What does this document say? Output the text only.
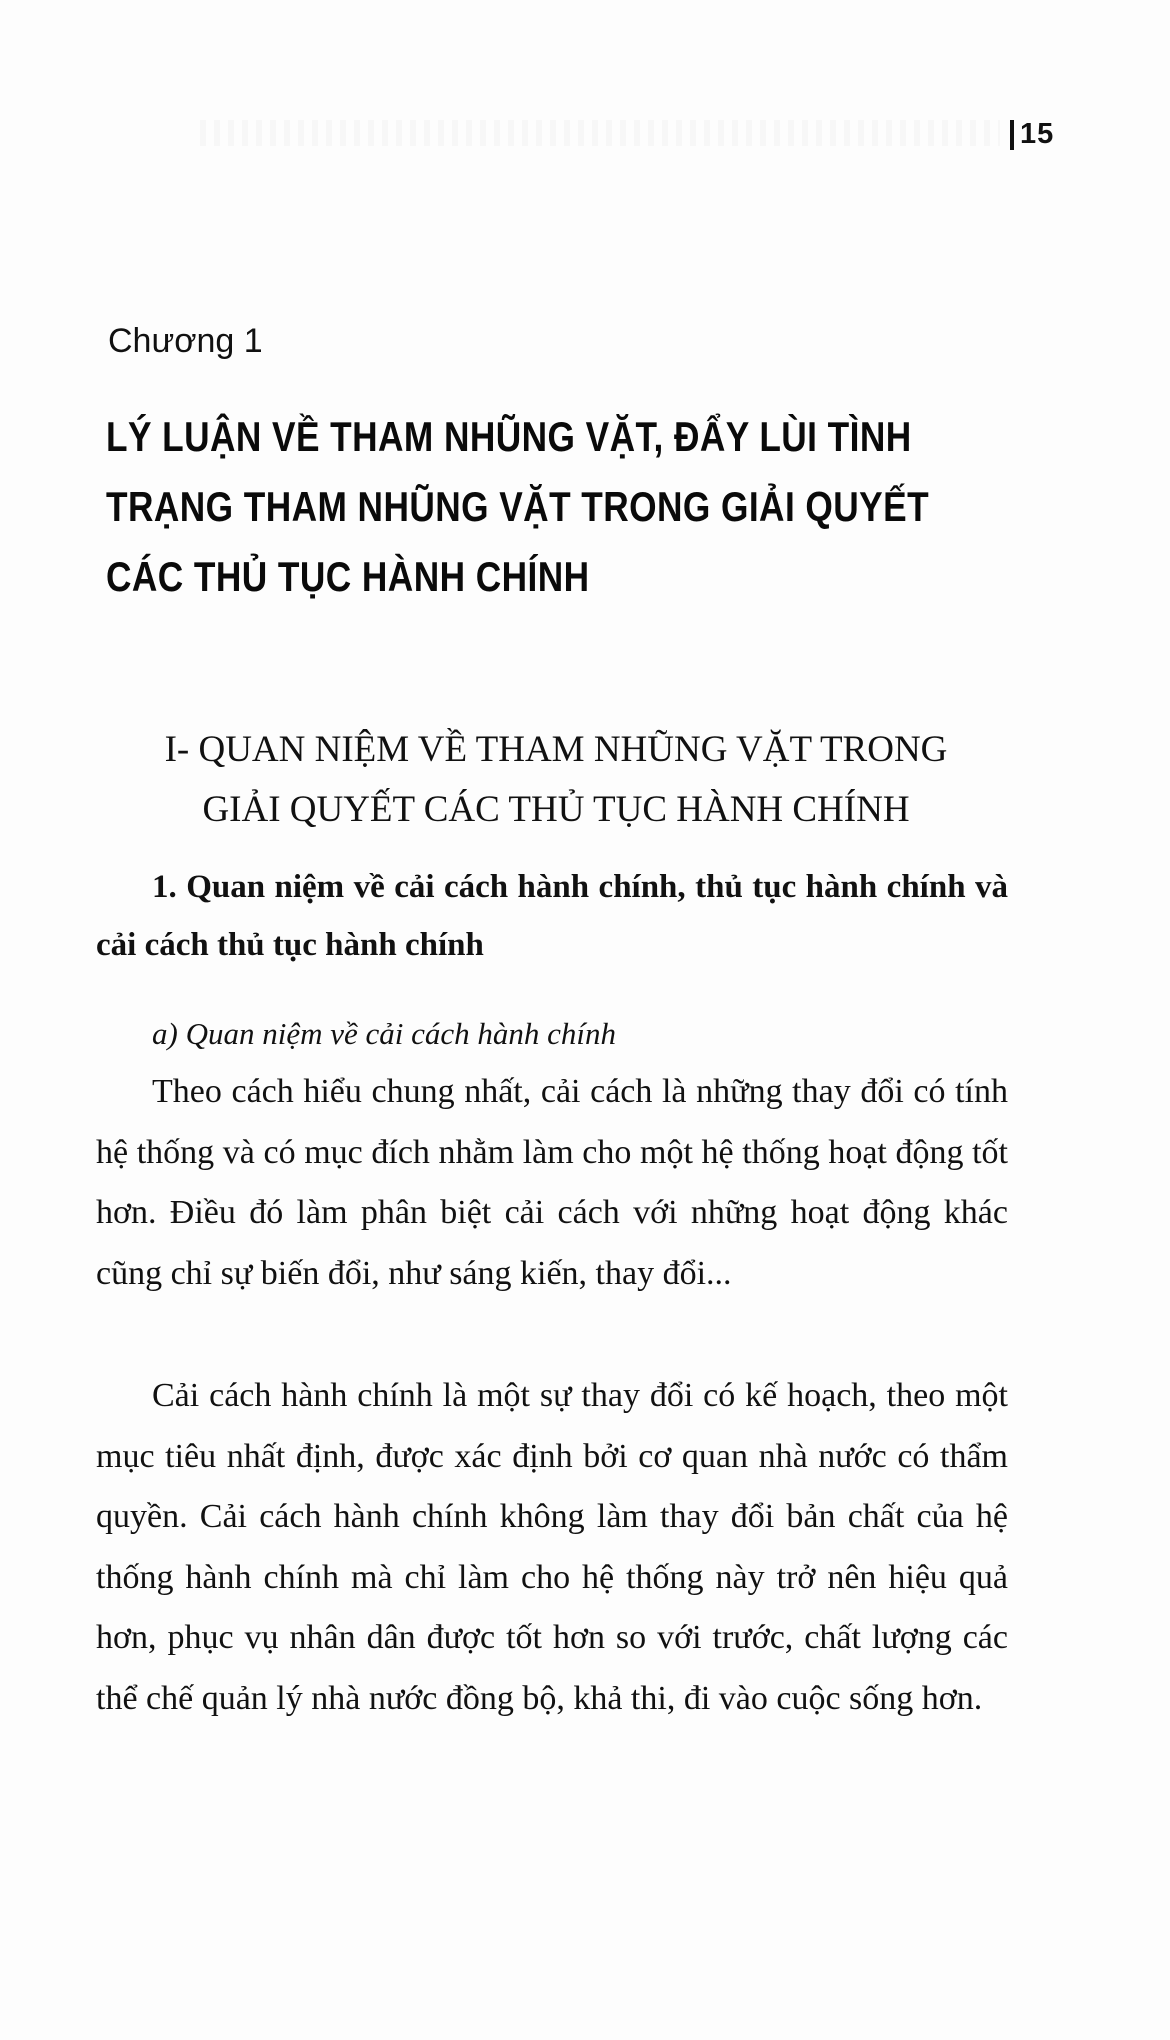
15
Chương 1
LÝ LUẬN VỀ THAM NHŨNG VẶT, ĐẨY LÙI TÌNH
TRẠNG THAM NHŨNG VẶT TRONG GIẢI QUYẾT
CÁC THỦ TỤC HÀNH CHÍNH
I- QUAN NIỆM VỀ THAM NHŨNG VẶT TRONG
GIẢI QUYẾT CÁC THỦ TỤC HÀNH CHÍNH
1. Quan niệm về cải cách hành chính, thủ tục hành chính và cải cách thủ tục hành chính
a) Quan niệm về cải cách hành chính

Theo cách hiểu chung nhất, cải cách là những thay đổi có tính hệ thống và có mục đích nhằm làm cho một hệ thống hoạt động tốt hơn. Điều đó làm phân biệt cải cách với những hoạt động khác cũng chỉ sự biến đổi, như sáng kiến, thay đổi...

Cải cách hành chính là một sự thay đổi có kế hoạch, theo một mục tiêu nhất định, được xác định bởi cơ quan nhà nước có thẩm quyền. Cải cách hành chính không làm thay đổi bản chất của hệ thống hành chính mà chỉ làm cho hệ thống này trở nên hiệu quả hơn, phục vụ nhân dân được tốt hơn so với trước, chất lượng các thể chế quản lý nhà nước đồng bộ, khả thi, đi vào cuộc sống hơn.
